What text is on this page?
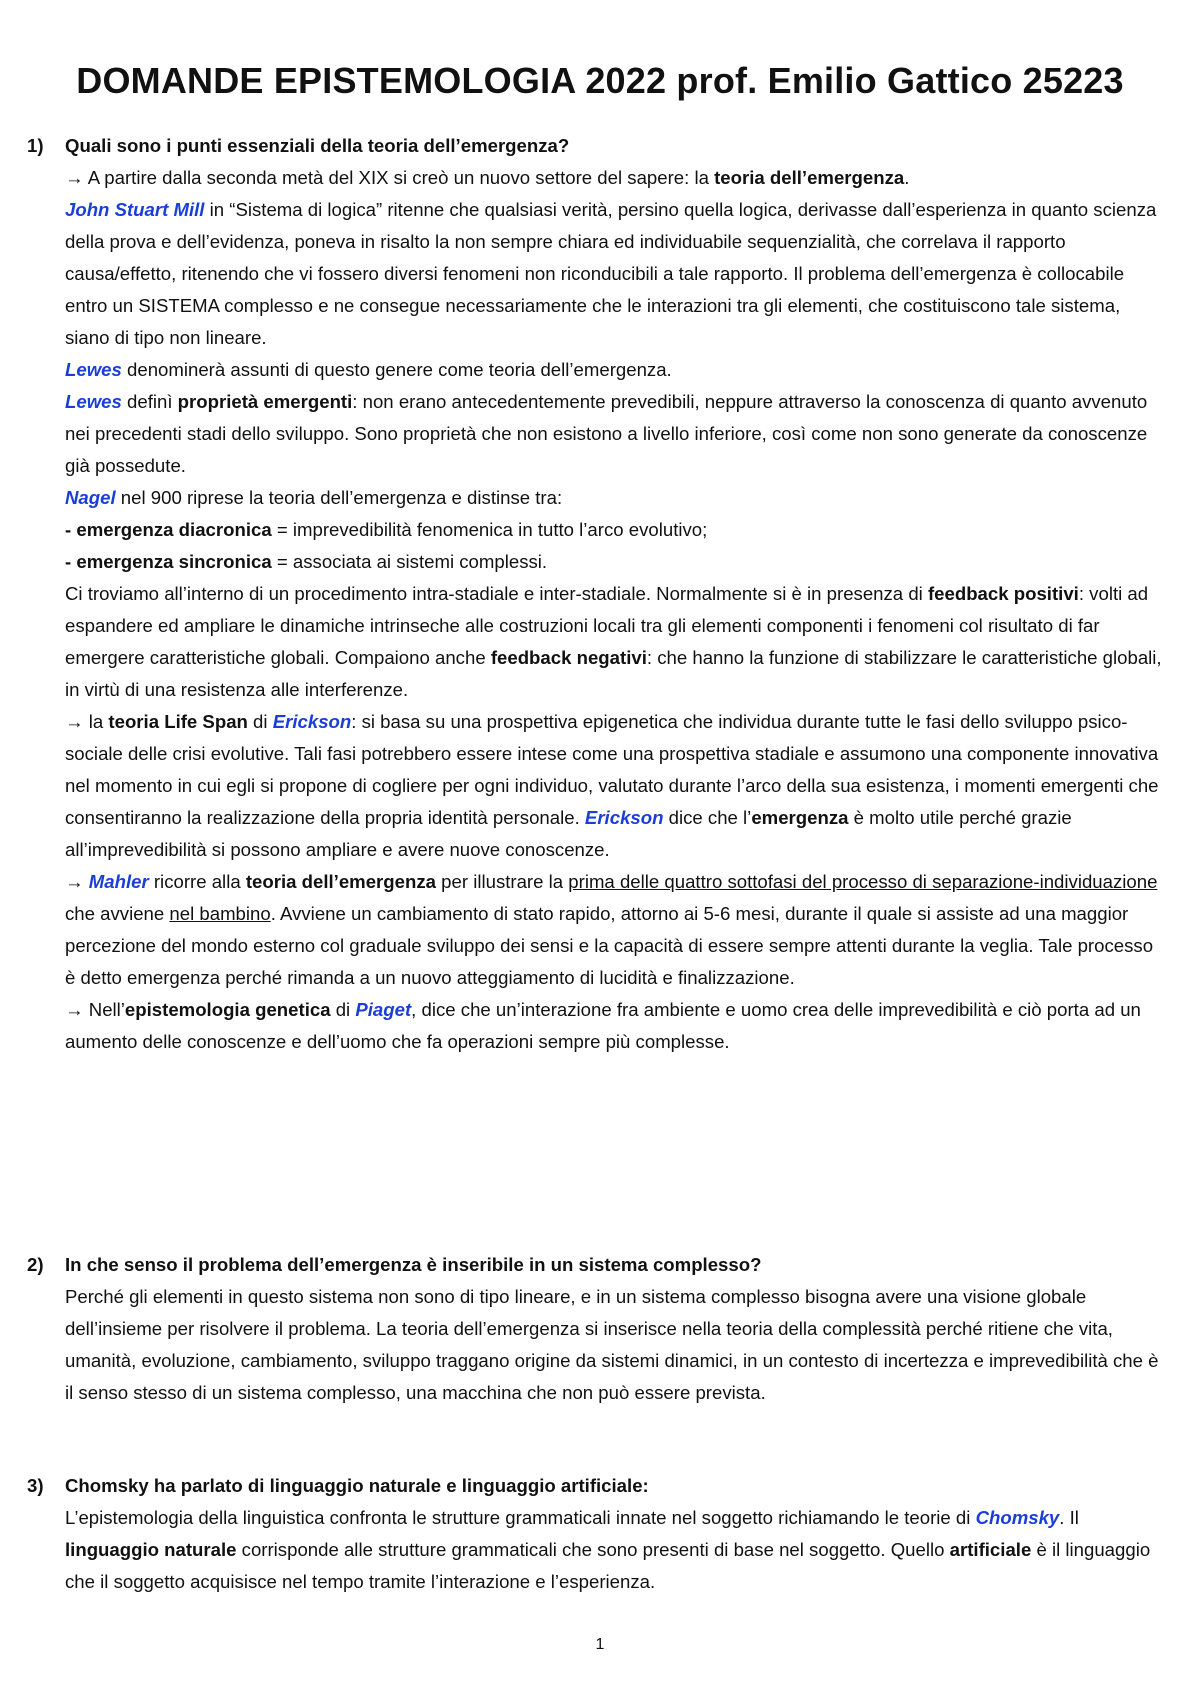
DOMANDE EPISTEMOLOGIA 2022 prof. Emilio Gattico 25223
1) Quali sono i punti essenziali della teoria dell’emergenza?
→ A partire dalla seconda metà del XIX si creò un nuovo settore del sapere: la teoria dell’emergenza.
John Stuart Mill in “Sistema di logica” ritenne che qualsiasi verità, persino quella logica, derivasse dall’esperienza in quanto scienza della prova e dell’evidenza, poneva in risalto la non sempre chiara ed individuabile sequenzialità, che correlava il rapporto causa/effetto, ritenendo che vi fossero diversi fenomeni non riconducibili a tale rapporto. Il problema dell’emergenza è collocabile entro un SISTEMA complesso e ne consegue necessariamente che le interazioni tra gli elementi, che costituiscono tale sistema, siano di tipo non lineare.
Lewes denominerà assunti di questo genere come teoria dell’emergenza.
Lewes definì proprietà emergenti: non erano antecedentemente prevedibili, neppure attraverso la conoscenza di quanto avvenuto nei precedenti stadi dello sviluppo. Sono proprietà che non esistono a livello inferiore, così come non sono generate da conoscenze già possedute.
Nagel nel 900 riprese la teoria dell’emergenza e distinse tra:
- emergenza diacronica = imprevedibilità fenomenica in tutto l’arco evolutivo;
- emergenza sincronica = associata ai sistemi complessi.
Ci troviamo all’interno di un procedimento intra-stadiale e inter-stadiale. Normalmente si è in presenza di feedback positivi: volti ad espandere ed ampliare le dinamiche intrinseche alle costruzioni locali tra gli elementi componenti i fenomeni col risultato di far emergere caratteristiche globali. Compaiono anche feedback negativi: che hanno la funzione di stabilizzare le caratteristiche globali, in virtù di una resistenza alle interferenze.
→ la teoria Life Span di Erickson: si basa su una prospettiva epigenetica che individua durante tutte le fasi dello sviluppo psico-sociale delle crisi evolutive. Tali fasi potrebbero essere intese come una prospettiva stadiale e assumono una componente innovativa nel momento in cui egli si propone di cogliere per ogni individuo, valutato durante l’arco della sua esistenza, i momenti emergenti che consentiranno la realizzazione della propria identità personale. Erickson dice che l’emergenza è molto utile perché grazie all’imprevedibilità si possono ampliare e avere nuove conoscenze.
→ Mahler ricorre alla teoria dell’emergenza per illustrare la prima delle quattro sottofasi del processo di separazione-individuazione che avviene nel bambino. Avviene un cambiamento di stato rapido, attorno ai 5-6 mesi, durante il quale si assiste ad una maggior percezione del mondo esterno col graduale sviluppo dei sensi e la capacità di essere sempre attenti durante la veglia. Tale processo è detto emergenza perché rimanda a un nuovo atteggiamento di lucidità e finalizzazione.
→ Nell’epistemologia genetica di Piaget, dice che un’interazione fra ambiente e uomo crea delle imprevedibilità e ciò porta ad un aumento delle conoscenze e dell’uomo che fa operazioni sempre più complesse.
2) In che senso il problema dell’emergenza è inseribile in un sistema complesso?
Perché gli elementi in questo sistema non sono di tipo lineare, e in un sistema complesso bisogna avere una visione globale dell’insieme per risolvere il problema. La teoria dell’emergenza si inserisce nella teoria della complessità perché ritiene che vita, umanità, evoluzione, cambiamento, sviluppo traggano origine da sistemi dinamici, in un contesto di incertezza e imprevedibilità che è il senso stesso di un sistema complesso, una macchina che non può essere prevista.
3) Chomsky ha parlato di linguaggio naturale e linguaggio artificiale:
L’epistemologia della linguistica confronta le strutture grammaticali innate nel soggetto richiamando le teorie di Chomsky. Il linguaggio naturale corrisponde alle strutture grammaticali che sono presenti di base nel soggetto. Quello artificiale è il linguaggio che il soggetto acquisisce nel tempo tramite l’interazione e l’esperienza.
1
